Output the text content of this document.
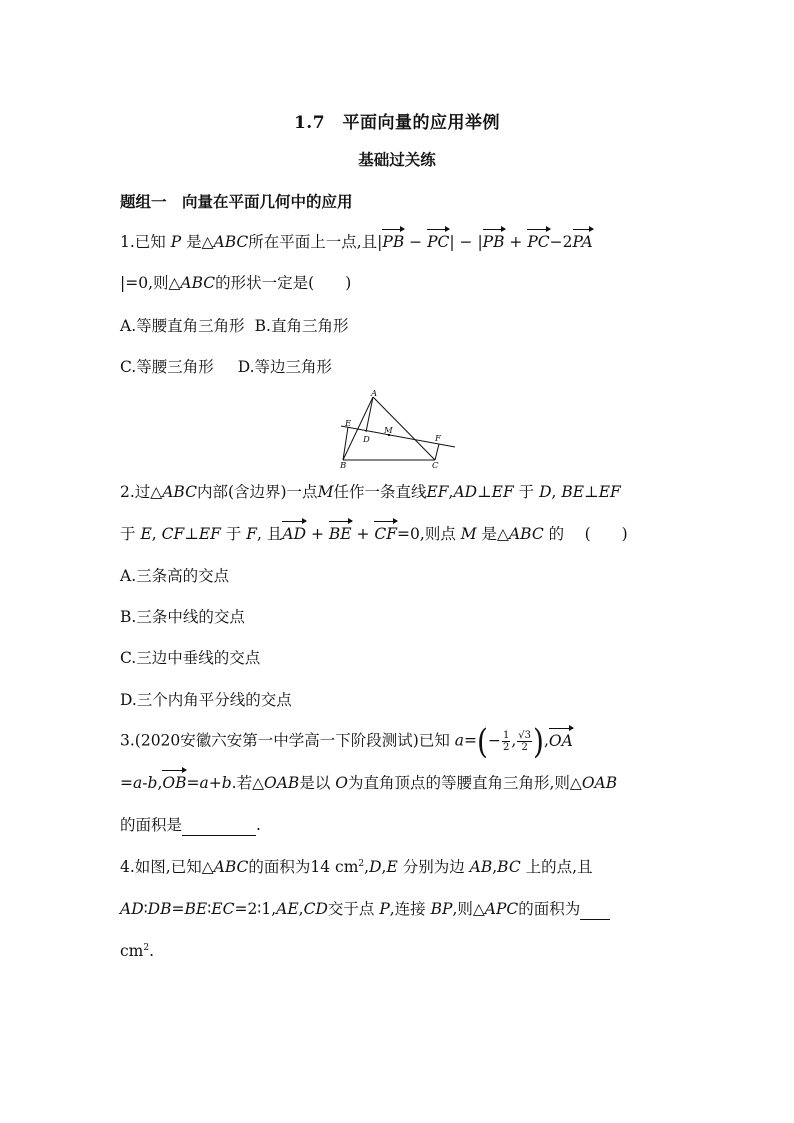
1.7　平面向量的应用举例
基础过关练
题组一　向量在平面几何中的应用
1.已知 P 是△ABC所在平面上一点,且|PB − PC| − |PB + PC−2PA
|=0,则△ABC的形状一定是(　　)
A.等腰直角三角形 B.直角三角形
C.等腰三角形 D.等边三角形
A
B	C
D
E
F
M
2.过△ABC内部(含边界)一点M任作一条直线EF,AD⊥EF 于 D, BE⊥EF
于 E, CF⊥EF 于 F, 且AD + BE + CF=0,则点 M 是△ABC 的　 (　　)
A.三条高的交点
B.三条中线的交点
C.三边中垂线的交点
D.三个内角平分线的交点
3.(2020安徽六安第一中学高一下阶段测试)已知 $a=(- \frac{1}{2}$ , $\frac{√3}{2} ),OA$
=a-b,OB=a+b.若△OAB是以 O为直角顶点的等腰直角三角形,则△OAB
的面积是	.
4.如图,已知△ABC的面积为14 $cm^2,D,E$ 分别为边 AB,BC 上的点,且
AD∶DB=BE∶EC=2∶1,AE,CD交于点 P,连接 BP,则△APC的面积为
$cm^2$.
